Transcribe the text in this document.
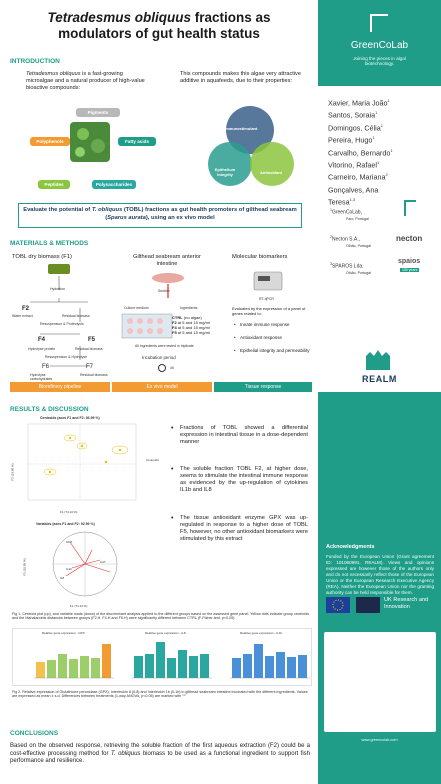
Tetradesmus obliquus fractions as
modulators of gut health status
INTRODUCTION
Tetradesmus obliquus is a fast-growing microalgae and a natural producer of high-value bioactive compounds:
This compounds makes this algae very attractive additive in aquafeeds, due to their properties:
Pigments
Polyphenols	Fatty acids
Peptides	Polysaccharides
Immunostimulant
Epithelium integrity	Antioxidant
Evaluate the potential of T. obliquus (TOBL) fractions as gut health promoters of gilthead seabream (Sparus aurata), using an ex vivo model
MATERIALS & METHODS
TOBL dry biomass (F1)
Hydration
F2
Water extract	Residual biomass
Resuspension & Proteolysis
F4	F5
Hydrolyse protein	Residual biomass
Resuspension & Hydrolyse
F6	F7
Hydrolyse carbohydrates
Residual biomass
Gilthead seabream anterior intestine
Section
Culture medium	Ingredients
CTRL (no algae)
F2 at 5 and 15 mg/ml
F4 at 5 and 15 mg/ml
F5 at 5 and 15 mg/ml
All ingredients were tested in triplicate
Incubation period
4h
Molecular biomarkers
RT-qPCR
Evaluated by the expression of a panel of genes related to:
• Innate immune response
• Antioxidant response
• Epithelial integrity and permeability
Biorefinery pipeline	Ex vivo model	Tissue response
RESULTS & DISCUSSION
Centroids (axes F1 and F2: 93.99 %)
F1 (74.14 %)
F2 (19.85 %)
Centroids
Variables (axes F1 and F2: 92.99 %)
GPX
IL8
IL1b
CAT
F1 (74.14 %)
F2 (18.85 %)
• Fractions of TOBL showed a differential expression in intestinal tissue in a dose-dependent manner
• The soluble fraction TOBL F2, at higher dose, seems to stimulate the intestinal immune response as evidenced by the up-regulation of cytokines IL1b and IL8
• The tissue antioxidant enzyme GPX was up-regulated in response to a higher dose of TOBL F5, however, no other antioxidant biomarkers were stimulated by this extract
Fig 1. Centroid plot (up), and variable loads (down) of the discriminant analysis applied to the different groups based on the assessed gene panel. Yellow dots indicate group centroids and the Mahalanobis distances between groups (F2.H, F4.H and F5.H) were significantly different between CTRL (F-Fisher-test, p<0.05)
Relative gene expression - GPX	Relative gene expression - IL8	Relative gene expression - IL1b
Fig 2. Relative expression of Glutathione peroxidase (GPX), Interleukin 8 (IL8) and Interleukin 1b (IL1b) in gilthead seabream intestine incubated with the different ingredients. Values are expressed as mean ± s.d. Differences between treatments (1-way ANOVA, p<0.05) are marked with "*"
CONCLUSIONS
Based on the observed response, retrieving the soluble fraction of the first aqueous extraction (F2) could be a cost-effective processing method for T. obliquus biomass to be used as a functional ingredient to support fish performance and resilience.
GreenCoLab
Joining the pieces in algal biotechnology.
Xavier, Maria João$^1$
Santos, Soraia$^1$
Domingos, Célia$^1$
Pereira, Hugo$^1$
Carvalho, Bernardo$^1$
Vitorino, Rafael$^1$
Carneiro, Mariana$^2$
Gonçalves, Ana
Teresa$^{1,3}$
$^1$GreenCoLab,
Faro, Portugal
$^2$Necton S.A.,
Olhão, Portugal
necton
$^3$SPAROS Lda.
Olhão, Portugal
spaios
180 years
REALM
Acknowledgments
Funded by the European Union (Grant agreement ID: 101060991, REALM). Views and opinions expressed are however those of the authors only and do not necessarily reflect those of the European Union or the European Research Executive Agency (REA). Neither the European Union nor the granting authority can be held responsible for them.
UK Research and Innovation
www.greencolab.com
